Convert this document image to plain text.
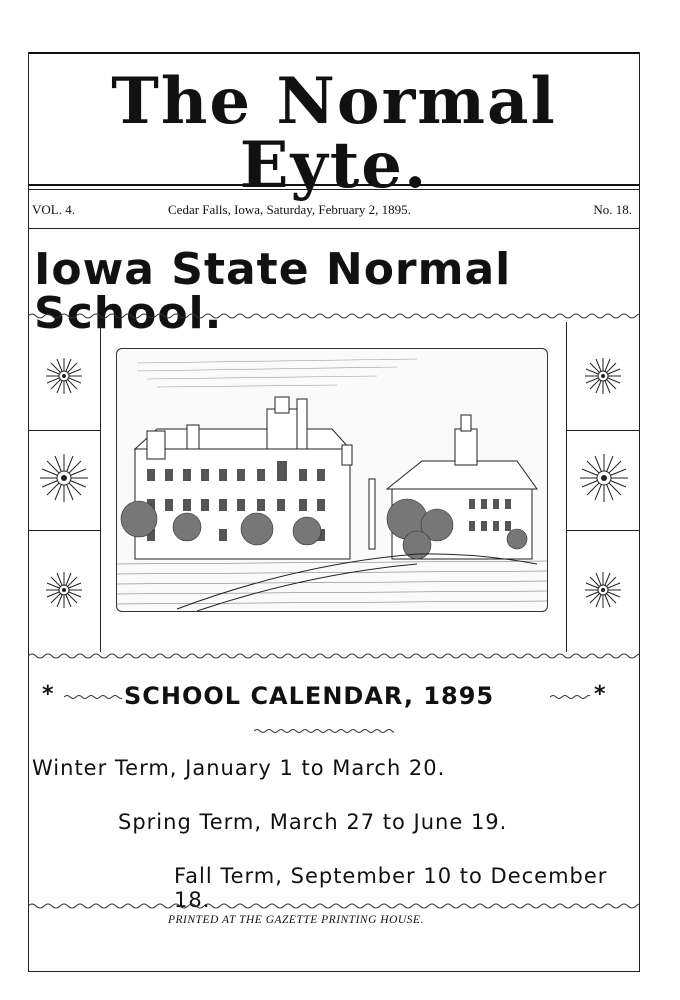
The Normal Eyte.
VOL. 4.	Cedar Falls, Iowa, Saturday, February 2, 1895.	No. 18.
Iowa State Normal School.
*	SCHOOL CALENDAR, 1895	*
Winter Term, January 1 to March 20.
Spring Term, March 27 to June 19.
Fall Term, September 10 to December 18.
PRINTED AT THE GAZETTE PRINTING HOUSE.
